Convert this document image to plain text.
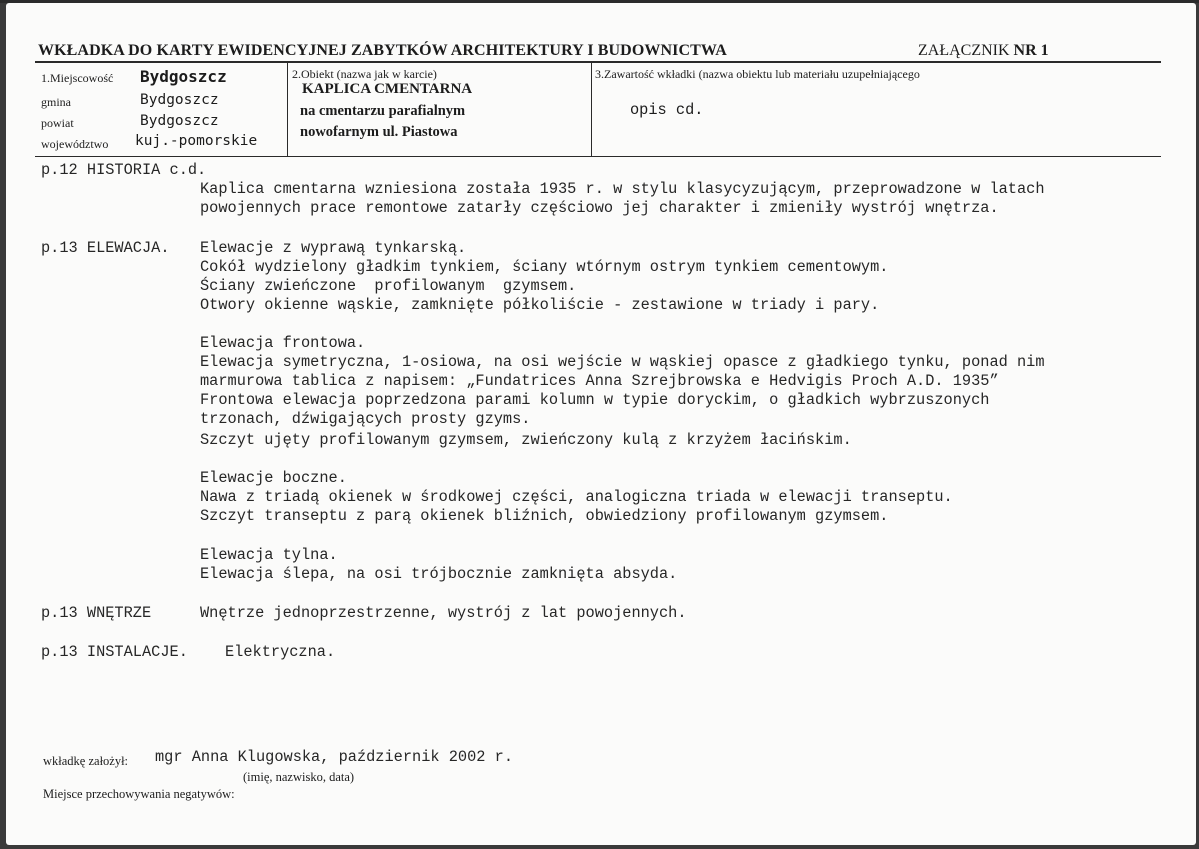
WKŁADKA DO KARTY EWIDENCYJNEJ ZABYTKÓW ARCHITEKTURY I BUDOWNICTWA	ZAŁĄCZNIK NR 1
1.Miejscowość Bydgoszcz
gmina	Bydgoszcz
powiat	Bydgoszcz
województwo kuj.-pomorskie
2.Obiekt (nazwa jak w karcie)
KAPLICA CMENTARNA
na cmentarzu parafialnym
nowofarnym ul. Piastowa
3.Zawartość wkładki (nazwa obiektu lub materiału uzupełniającego
opis cd.
p.12 HISTORIA c.d.
Kaplica cmentarna wzniesiona została 1935 r. w stylu klasycyzującym, przeprowadzone w latach
powojennych prace remontowe zatarły częściowo jej charakter i zmieniły wystrój wnętrza.
p.13 ELEWACJA. Elewacje z wyprawą tynkarską.
Cokół wydzielony gładkim tynkiem, ściany wtórnym ostrym tynkiem cementowym.
Ściany zwieńczone  profilowanym  gzymsem.
Otwory okienne wąskie, zamknięte półkoliście - zestawione w triady i pary.
Elewacja frontowa.
Elewacja symetryczna, 1-osiowa, na osi wejście w wąskiej opasce z gładkiego tynku, ponad nim
marmurowa tablica z napisem: „Fundatrices Anna Szrejbrowska e Hedvigis Proch A.D. 1935”
Frontowa elewacja poprzedzona parami kolumn w typie doryckim, o gładkich wybrzuszonych
trzonach, dźwigających prosty gzyms.
Szczyt ujęty profilowanym gzymsem, zwieńczony kulą z krzyżem łacińskim.
Elewacje boczne.
Nawa z triadą okienek w środkowej części, analogiczna triada w elewacji transeptu.
Szczyt transeptu z parą okienek bliźnich, obwiedziony profilowanym gzymsem.
Elewacja tylna.
Elewacja ślepa, na osi trójbocznie zamknięta absyda.
p.13 WNĘTRZE	Wnętrze jednoprzestrzenne, wystrój z lat powojennych.
p.13 INSTALACJE. Elektryczna.
wkładkę założył: mgr Anna Klugowska, październik 2002 r.
(imię, nazwisko, data)
Miejsce przechowywania negatywów:
